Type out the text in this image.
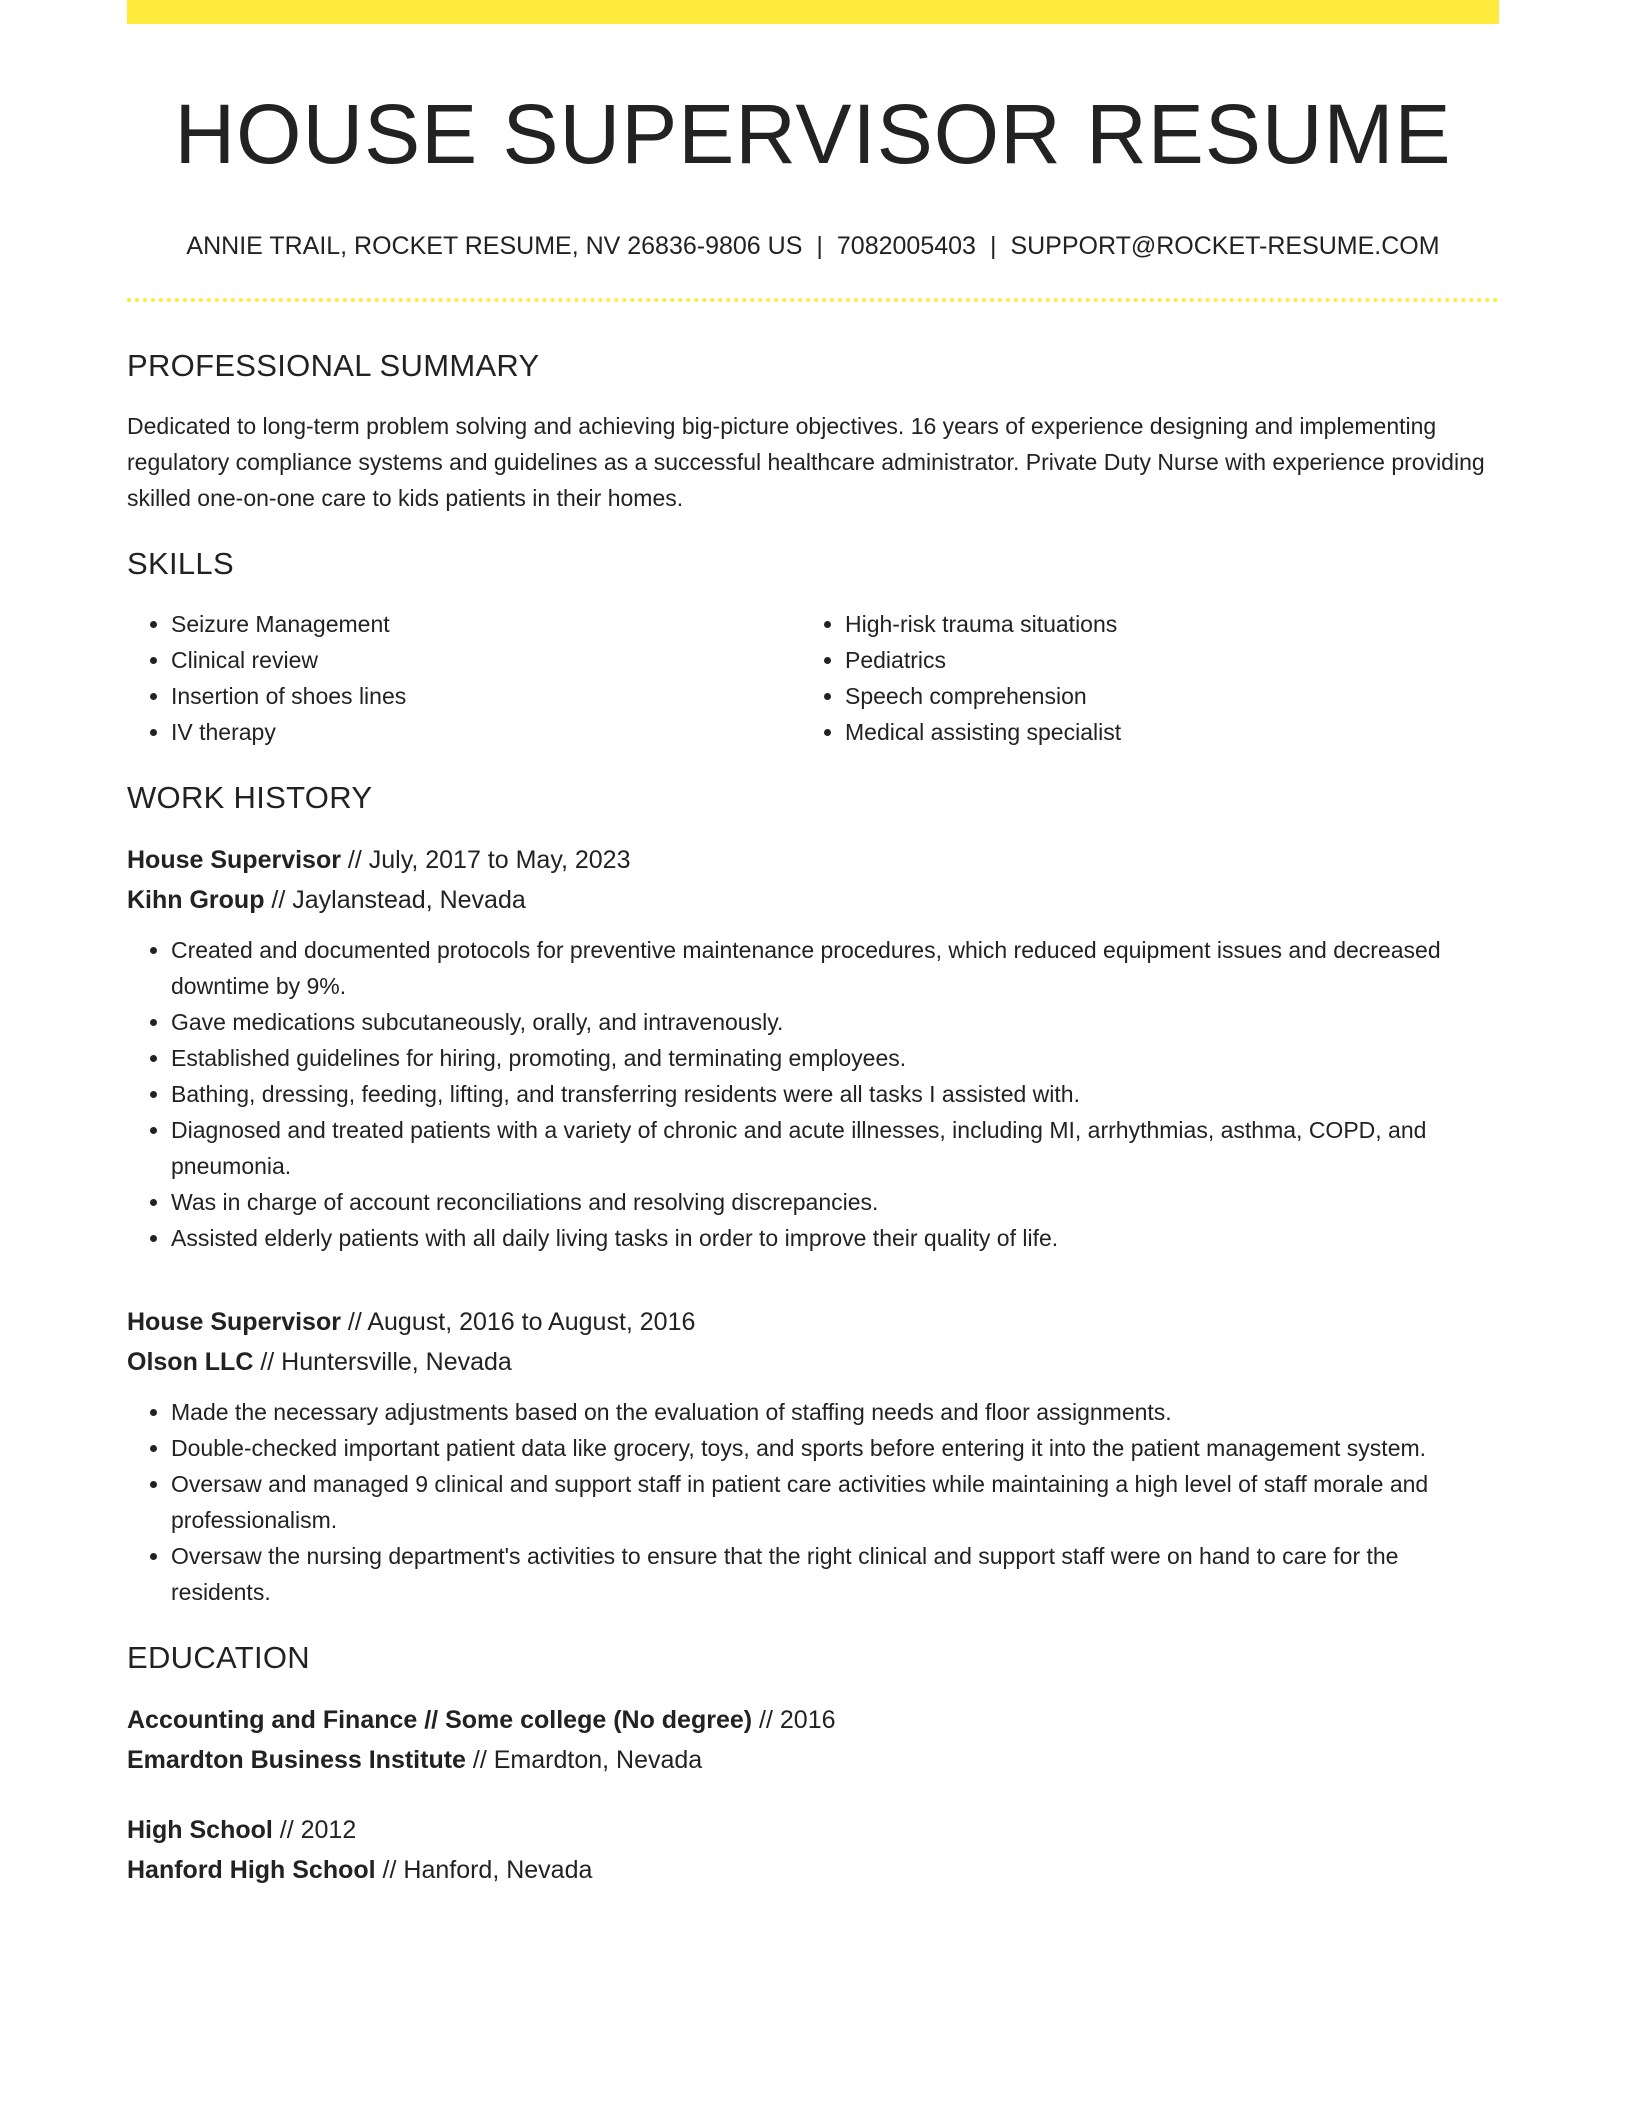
HOUSE SUPERVISOR RESUME
ANNIE TRAIL, ROCKET RESUME, NV 26836-9806 US | 7082005403 | SUPPORT@ROCKET-RESUME.COM
PROFESSIONAL SUMMARY

Dedicated to long-term problem solving and achieving big-picture objectives. 16 years of experience designing and implementing regulatory compliance systems and guidelines as a successful healthcare administrator. Private Duty Nurse with experience providing skilled one-on-one care to kids patients in their homes.

SKILLS
• Seizure Management
• Clinical review
• Insertion of shoes lines
• IV therapy
• High-risk trauma situations
• Pediatrics
• Speech comprehension
• Medical assisting specialist
WORK HISTORY
House Supervisor // July, 2017 to May, 2023
Kihn Group // Jaylanstead, Nevada
• Created and documented protocols for preventive maintenance procedures, which reduced equipment issues and decreased downtime by 9%.
• Gave medications subcutaneously, orally, and intravenously.
• Established guidelines for hiring, promoting, and terminating employees.
• Bathing, dressing, feeding, lifting, and transferring residents were all tasks I assisted with.
• Diagnosed and treated patients with a variety of chronic and acute illnesses, including MI, arrhythmias, asthma, COPD, and pneumonia.
• Was in charge of account reconciliations and resolving discrepancies.
• Assisted elderly patients with all daily living tasks in order to improve their quality of life.
House Supervisor // August, 2016 to August, 2016
Olson LLC // Huntersville, Nevada
• Made the necessary adjustments based on the evaluation of staffing needs and floor assignments.
• Double-checked important patient data like grocery, toys, and sports before entering it into the patient management system.
• Oversaw and managed 9 clinical and support staff in patient care activities while maintaining a high level of staff morale and professionalism.
• Oversaw the nursing department's activities to ensure that the right clinical and support staff were on hand to care for the residents.
EDUCATION
Accounting and Finance // Some college (No degree) // 2016
Emardton Business Institute // Emardton, Nevada
High School // 2012
Hanford High School // Hanford, Nevada
